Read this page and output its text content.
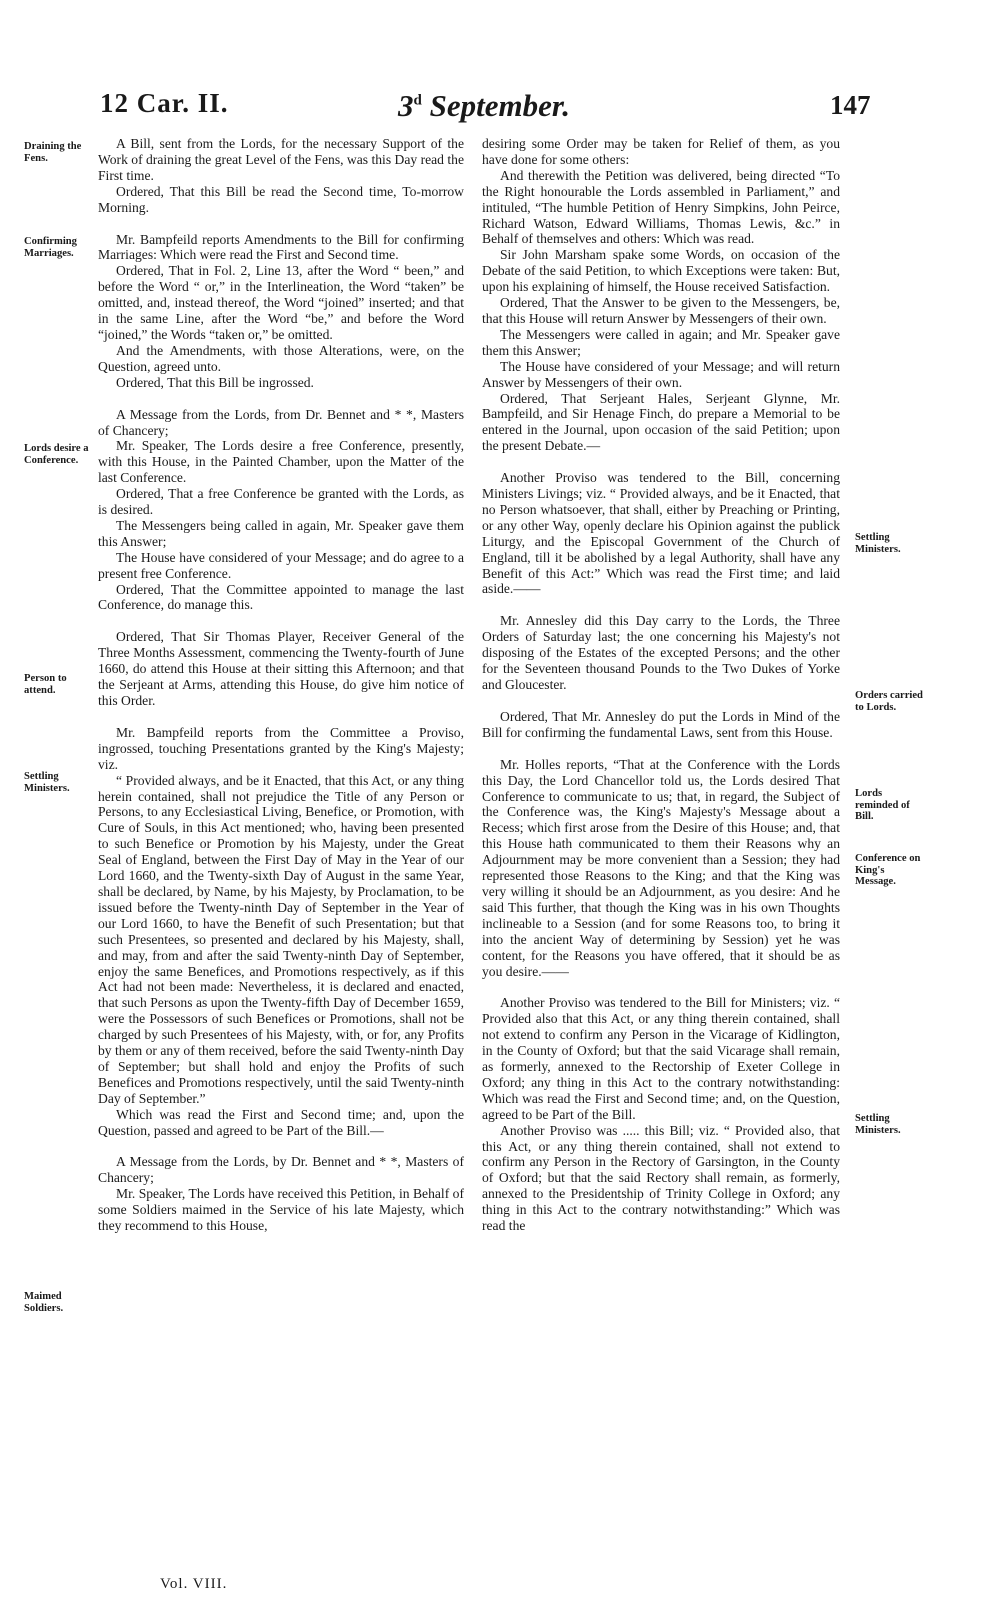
12 Car. II.	3$^d$ September.	147
Draining the Fens.
Confirming Marriages.
Lords desire a Conference.
Person to attend.
Settling Ministers.
Maimed Soldiers.
Settling Ministers.
Orders carried to Lords.
Lords reminded of Bill.
Conference on King's Message.
Settling Ministers.

A Bill, sent from the Lords, for the necessary Support of the Work of draining the great Level of the Fens, was this Day read the First time.

Ordered, That this Bill be read the Second time, To-morrow Morning.

Mr. Bampfeild reports Amendments to the Bill for confirming Marriages: Which were read the First and Second time.

Ordered, That in Fol. 2, Line 13, after the Word “ been,” and before the Word “ or,” in the Interlineation, the Word “taken” be omitted, and, instead thereof, the Word “joined” inserted; and that in the same Line, after the Word “be,” and before the Word “joined,” the Words “taken or,” be omitted.

And the Amendments, with those Alterations, were, on the Question, agreed unto.

Ordered, That this Bill be ingrossed.

A Message from the Lords, from Dr. Bennet and * *, Masters of Chancery;

Mr. Speaker, The Lords desire a free Conference, presently, with this House, in the Painted Chamber, upon the Matter of the last Conference.

Ordered, That a free Conference be granted with the Lords, as is desired.

The Messengers being called in again, Mr. Speaker gave them this Answer;

The House have considered of your Message; and do agree to a present free Conference.

Ordered, That the Committee appointed to manage the last Conference, do manage this.

Ordered, That Sir Thomas Player, Receiver General of the Three Months Assessment, commencing the Twenty-fourth of June 1660, do attend this House at their sitting this Afternoon; and that the Serjeant at Arms, attending this House, do give him notice of this Order.

Mr. Bampfeild reports from the Committee a Proviso, ingrossed, touching Presentations granted by the King's Majesty; viz.

“ Provided always, and be it Enacted, that this Act, or any thing herein contained, shall not prejudice the Title of any Person or Persons, to any Ecclesiastical Living, Benefice, or Promotion, with Cure of Souls, in this Act mentioned; who, having been presented to such Benefice or Promotion by his Majesty, under the Great Seal of England, between the First Day of May in the Year of our Lord 1660, and the Twenty-sixth Day of August in the same Year, shall be declared, by Name, by his Majesty, by Proclamation, to be issued before the Twenty-ninth Day of September in the Year of our Lord 1660, to have the Benefit of such Presentation; but that such Presentees, so presented and declared by his Majesty, shall, and may, from and after the said Twenty-ninth Day of September, enjoy the same Benefices, and Promotions respectively, as if this Act had not been made: Nevertheless, it is declared and enacted, that such Persons as upon the Twenty-fifth Day of December 1659, were the Possessors of such Benefices or Promotions, shall not be charged by such Presentees of his Majesty, with, or for, any Profits by them or any of them received, before the said Twenty-ninth Day of September; but shall hold and enjoy the Profits of such Benefices and Promotions respectively, until the said Twenty-ninth Day of September.”

Which was read the First and Second time; and, upon the Question, passed and agreed to be Part of the Bill.—

A Message from the Lords, by Dr. Bennet and * *, Masters of Chancery;

Mr. Speaker, The Lords have received this Petition, in Behalf of some Soldiers maimed in the Service of his late Majesty, which they recommend to this House,

desiring some Order may be taken for Relief of them, as you have done for some others:

And therewith the Petition was delivered, being directed “To the Right honourable the Lords assembled in Parliament,” and intituled, “The humble Petition of Henry Simpkins, John Peirce, Richard Watson, Edward Williams, Thomas Lewis, &c.” in Behalf of themselves and others: Which was read.

Sir John Marsham spake some Words, on occasion of the Debate of the said Petition, to which Exceptions were taken: But, upon his explaining of himself, the House received Satisfaction.

Ordered, That the Answer to be given to the Messengers, be, that this House will return Answer by Messengers of their own.

The Messengers were called in again; and Mr. Speaker gave them this Answer;

The House have considered of your Message; and will return Answer by Messengers of their own.

Ordered, That Serjeant Hales, Serjeant Glynne, Mr. Bampfeild, and Sir Henage Finch, do prepare a Memorial to be entered in the Journal, upon occasion of the said Petition; upon the present Debate.—

Another Proviso was tendered to the Bill, concerning Ministers Livings; viz. “ Provided always, and be it Enacted, that no Person whatsoever, that shall, either by Preaching or Printing, or any other Way, openly declare his Opinion against the publick Liturgy, and the Episcopal Government of the Church of England, till it be abolished by a legal Authority, shall have any Benefit of this Act:” Which was read the First time; and laid aside.——

Mr. Annesley did this Day carry to the Lords, the Three Orders of Saturday last; the one concerning his Majesty's not disposing of the Estates of the excepted Persons; and the other for the Seventeen thousand Pounds to the Two Dukes of Yorke and Gloucester.

Ordered, That Mr. Annesley do put the Lords in Mind of the Bill for confirming the fundamental Laws, sent from this House.

Mr. Holles reports, “That at the Conference with the Lords this Day, the Lord Chancellor told us, the Lords desired That Conference to communicate to us; that, in regard, the Subject of the Conference was, the King's Majesty's Message about a Recess; which first arose from the Desire of this House; and, that this House hath communicated to them their Reasons why an Adjournment may be more convenient than a Session; they had represented those Reasons to the King; and that the King was very willing it should be an Adjournment, as you desire: And he said This further, that though the King was in his own Thoughts inclineable to a Session (and for some Reasons too, to bring it into the ancient Way of determining by Session) yet he was content, for the Reasons you have offered, that it should be as you desire.——

Another Proviso was tendered to the Bill for Ministers; viz. “ Provided also that this Act, or any thing therein contained, shall not extend to confirm any Person in the Vicarage of Kidlington, in the County of Oxford; but that the said Vicarage shall remain, as formerly, annexed to the Rectorship of Exeter College in Oxford; any thing in this Act to the contrary notwithstanding: Which was read the First and Second time; and, on the Question, agreed to be Part of the Bill.

Another Proviso was ..... this Bill; viz. “ Provided also, that this Act, or any thing therein contained, shall not extend to confirm any Person in the Rectory of Garsington, in the County of Oxford; but that the said Rectory shall remain, as formerly, annexed to the Presidentship of Trinity College in Oxford; any thing in this Act to the contrary notwithstanding:” Which was read the

Vol. VIII.
